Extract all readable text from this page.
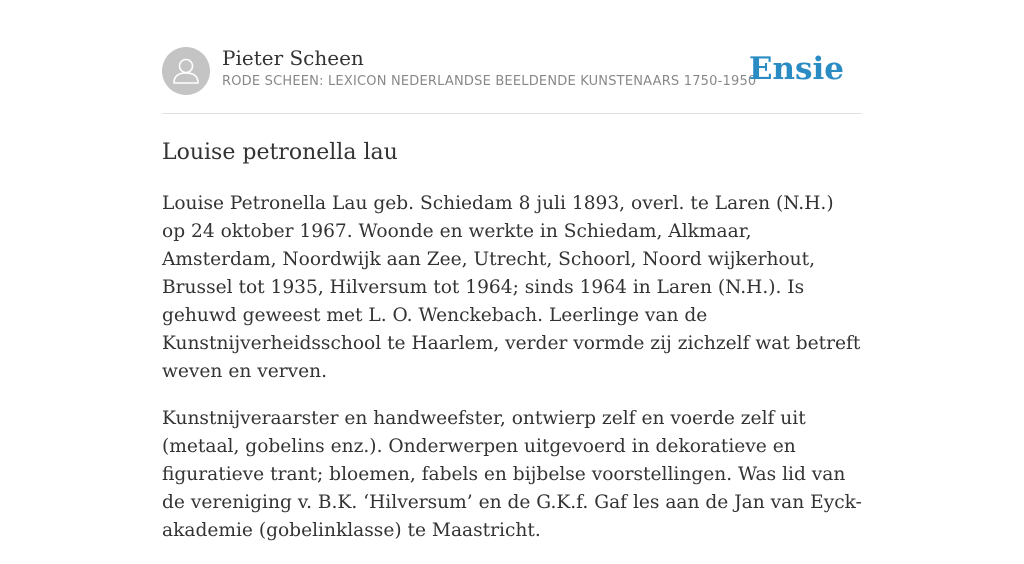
Pieter Scheen
RODE SCHEEN: LEXICON NEDERLANDSE BEELDENDE KUNSTENAARS 1750-1950
Ensie
Louise petronella lau

Louise Petronella Lau geb. Schiedam 8 juli 1893, overl. te Laren (N.H.) op 24 oktober 1967. Woonde en werkte in Schiedam, Alkmaar, Amsterdam, Noordwijk aan Zee, Utrecht, Schoorl, Noord wijkerhout, Brussel tot 1935, Hilversum tot 1964; sinds 1964 in Laren (N.H.). Is gehuwd geweest met L. O. Wenckebach. Leerlinge van de Kunstnijverheidsschool te Haarlem, verder vormde zij zichzelf wat betreft weven en verven.

Kunstnijveraarster en handweefster, ontwierp zelf en voerde zelf uit (metaal, gobelins enz.). Onderwerpen uitgevoerd in dekoratieve en figuratieve trant; bloemen, fabels en bijbelse voorstellingen. Was lid van de vereniging v. B.K. ‘Hilversum’ en de G.K.f. Gaf les aan de Jan van Eyck-akademie (gobelinklasse) te Maastricht.
